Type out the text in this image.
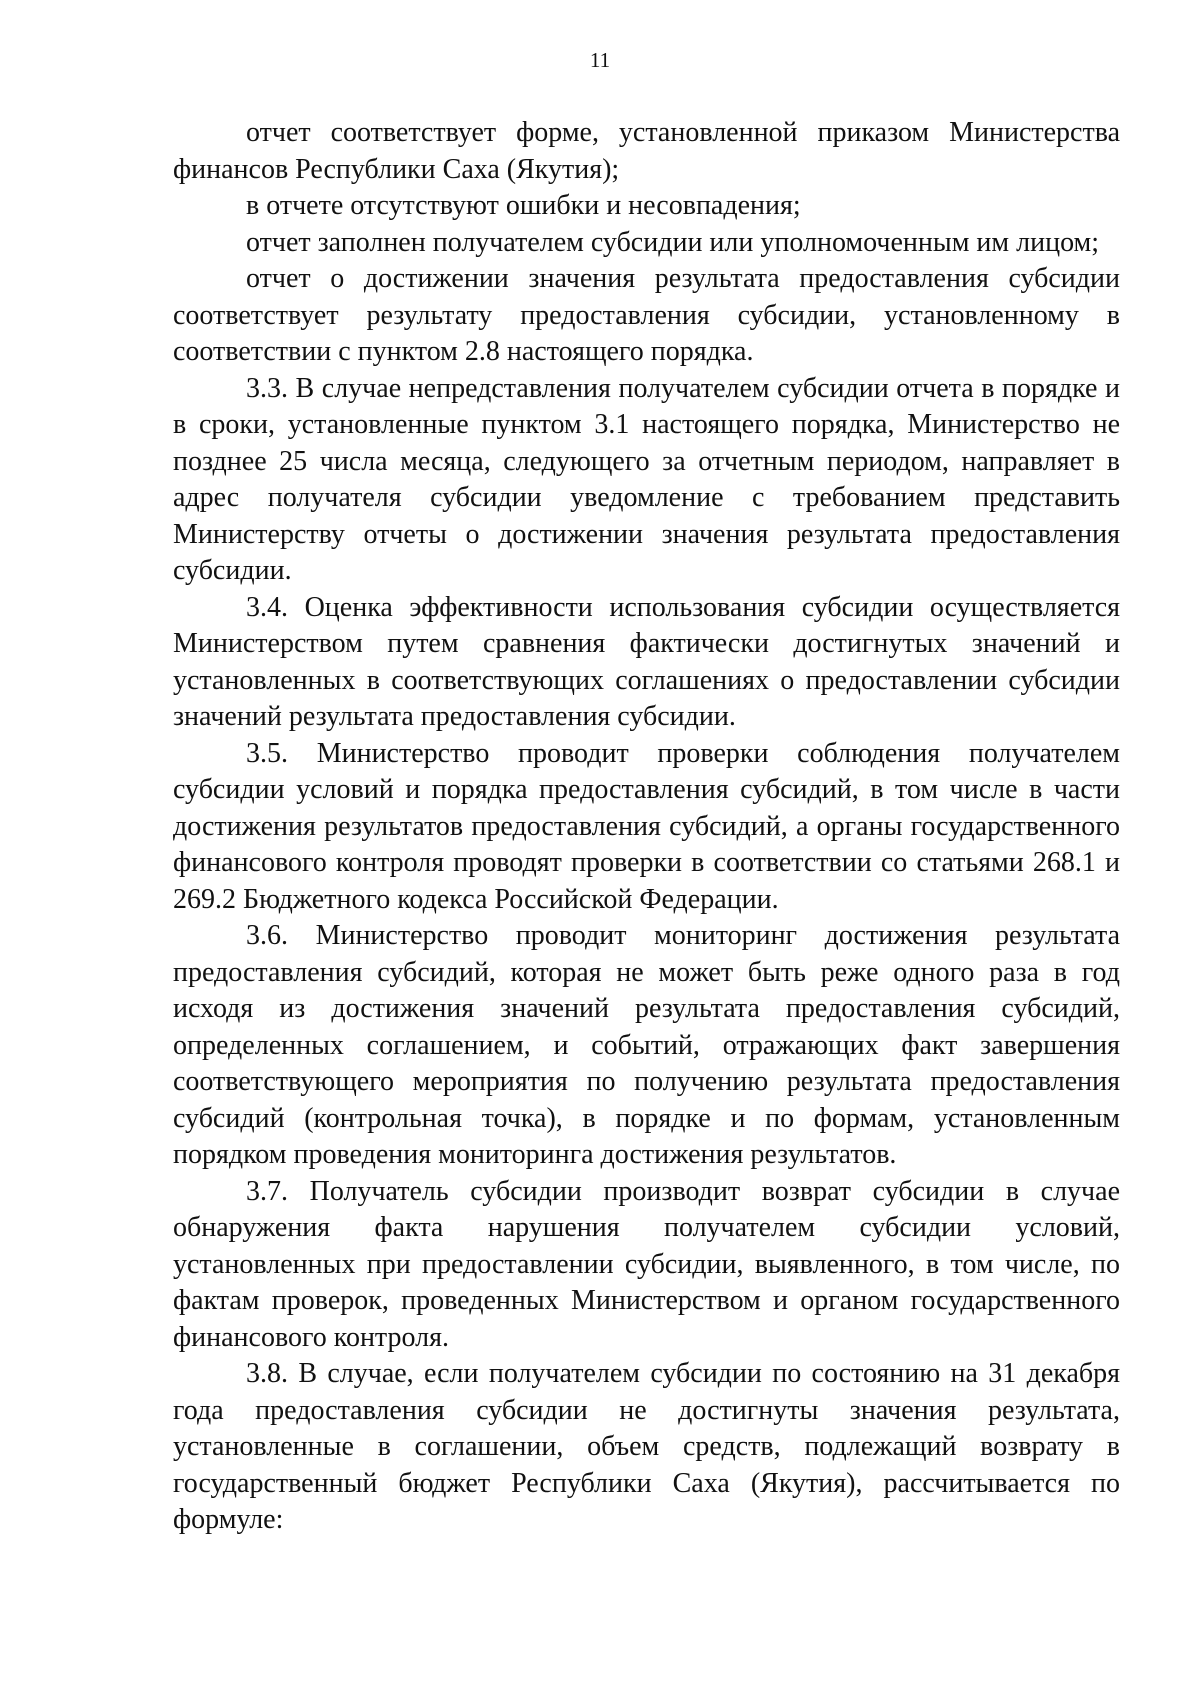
11

отчет соответствует форме, установленной приказом Министерства финансов Республики Саха (Якутия);

в отчете отсутствуют ошибки и несовпадения;

отчет заполнен получателем субсидии или уполномоченным им лицом;

отчет о достижении значения результата предоставления субсидии соответствует результату предоставления субсидии, установленному в соответствии с пунктом 2.8 настоящего порядка.

3.3. В случае непредставления получателем субсидии отчета в порядке и в сроки, установленные пунктом 3.1 настоящего порядка, Министерство не позднее 25 числа месяца, следующего за отчетным периодом, направляет в адрес получателя субсидии уведомление с требованием представить Министерству отчеты о достижении значения результата предоставления субсидии.

3.4. Оценка эффективности использования субсидии осуществляется Министерством путем сравнения фактически достигнутых значений и установленных в соответствующих соглашениях о предоставлении субсидии значений результата предоставления субсидии.

3.5. Министерство проводит проверки соблюдения получателем субсидии условий и порядка предоставления субсидий, в том числе в части достижения результатов предоставления субсидий, а органы государственного финансового контроля проводят проверки в соответствии со статьями 268.1 и 269.2 Бюджетного кодекса Российской Федерации.

3.6. Министерство проводит мониторинг достижения результата предоставления субсидий, которая не может быть реже одного раза в год исходя из достижения значений результата предоставления субсидий, определенных соглашением, и событий, отражающих факт завершения соответствующего мероприятия по получению результата предоставления субсидий (контрольная точка), в порядке и по формам, установленным порядком проведения мониторинга достижения результатов.

3.7. Получатель субсидии производит возврат субсидии в случае обнаружения факта нарушения получателем субсидии условий, установленных при предоставлении субсидии, выявленного, в том числе, по фактам проверок, проведенных Министерством и органом государственного финансового контроля.

3.8. В случае, если получателем субсидии по состоянию на 31 декабря года предоставления субсидии не достигнуты значения результата, установленные в соглашении, объем средств, подлежащий возврату в государственный бюджет Республики Саха (Якутия), рассчитывается по формуле:
